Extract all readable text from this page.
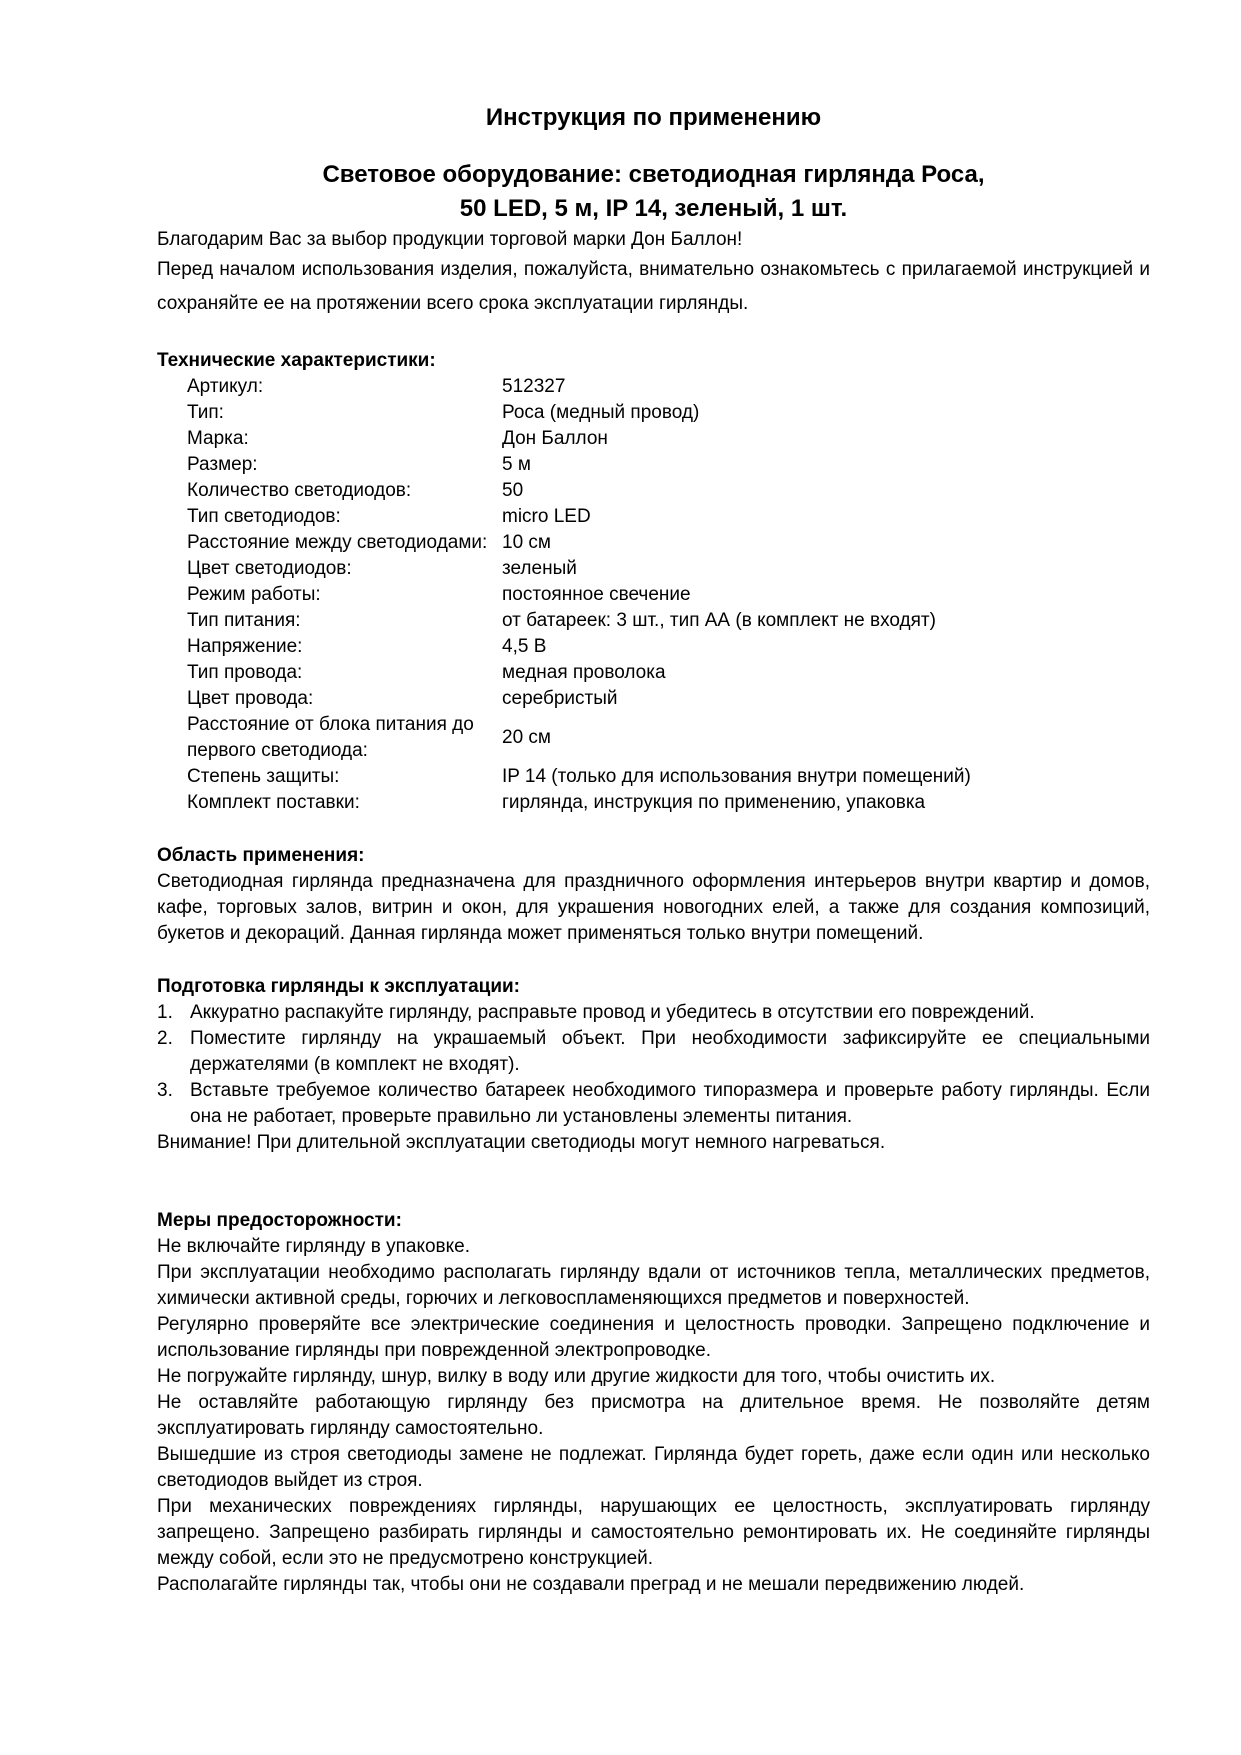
Инструкция по применению
Световое оборудование: светодиодная гирлянда Роса,
50 LED, 5 м, IP 14, зеленый, 1 шт.

Благодарим Вас за выбор продукции торговой марки Дон Баллон!

Перед началом использования изделия, пожалуйста, внимательно ознакомьтесь с прилагаемой инструкцией и сохраняйте ее на протяжении всего срока эксплуатации гирлянды.

Технические характеристики:
Артикул:	512327
Тип:	Роса (медный провод)
Марка:	Дон Баллон
Размер:	5 м
Количество светодиодов:	50
Тип светодиодов:	micro LED
Расстояние между светодиодами: 10 см
Цвет светодиодов:	зеленый
Режим работы:	постоянное свечение
Тип питания:	от батареек: 3 шт., тип АА (в комплект не входят)
Напряжение:	4,5 В
Тип провода:	медная проволока
Цвет провода:	серебристый
Расстояние от блока питания до первого светодиода:
20 см
Степень защиты:	IP 14 (только для использования внутри помещений)
Комплект поставки:	гирлянда, инструкция по применению, упаковка
Область применения:

Светодиодная гирлянда предназначена для праздничного оформления интерьеров внутри квартир и домов, кафе, торговых залов, витрин и окон, для украшения новогодних елей, а также для создания композиций, букетов и декораций. Данная гирлянда может применяться только внутри помещений.

Подготовка гирлянды к эксплуатации:
Аккуратно распакуйте гирлянду, расправьте провод и убедитесь в отсутствии его повреждений.
Поместите гирлянду на украшаемый объект. При необходимости зафиксируйте ее специальными держателями (в комплект не входят).
Вставьте требуемое количество батареек необходимого типоразмера и проверьте работу гирлянды. Если она не работает, проверьте правильно ли установлены элементы питания.

Внимание! При длительной эксплуатации светодиоды могут немного нагреваться.

Меры предосторожности:

Не включайте гирлянду в упаковке.

При эксплуатации необходимо располагать гирлянду вдали от источников тепла, металлических предметов, химически активной среды, горючих и легковоспламеняющихся предметов и поверхностей.

Регулярно проверяйте все электрические соединения и целостность проводки. Запрещено подключение и использование гирлянды при поврежденной электропроводке.

Не погружайте гирлянду, шнур, вилку в воду или другие жидкости для того, чтобы очистить их.

Не оставляйте работающую гирлянду без присмотра на длительное время. Не позволяйте детям эксплуатировать гирлянду самостоятельно.

Вышедшие из строя светодиоды замене не подлежат. Гирлянда будет гореть, даже если один или несколько светодиодов выйдет из строя.

При механических повреждениях гирлянды, нарушающих ее целостность, эксплуатировать гирлянду запрещено. Запрещено разбирать гирлянды и самостоятельно ремонтировать их. Не соединяйте гирлянды между собой, если это не предусмотрено конструкцией.

Располагайте гирлянды так, чтобы они не создавали преград и не мешали передвижению людей.
